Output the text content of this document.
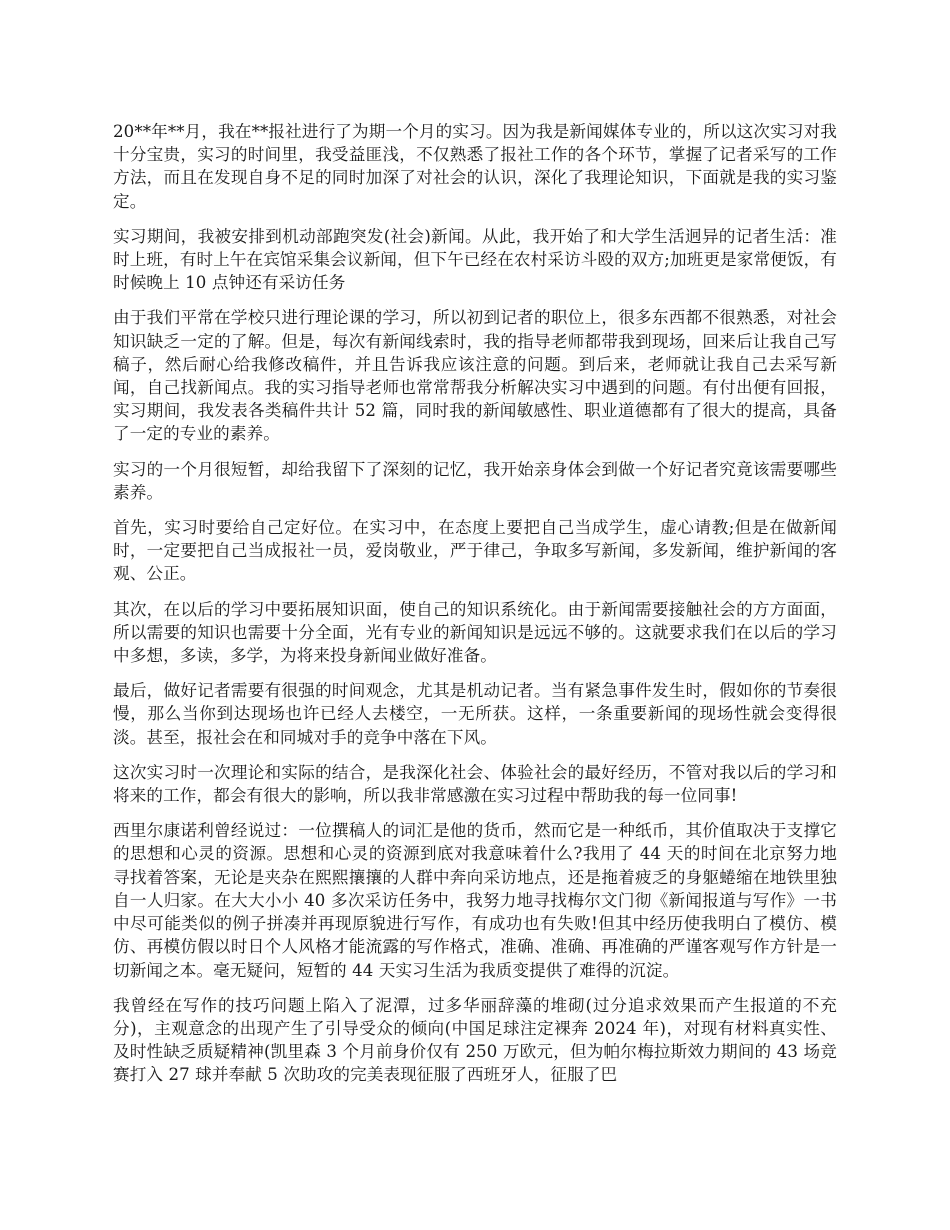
20**年**月，我在**报社进行了为期一个月的实习。因为我是新闻媒体专业的，所以这次实习对我十分宝贵，实习的时间里，我受益匪浅，不仅熟悉了报社工作的各个环节，掌握了记者采写的工作方法，而且在发现自身不足的同时加深了对社会的认识，深化了我理论知识，下面就是我的实习鉴定。

实习期间，我被安排到机动部跑突发(社会)新闻。从此，我开始了和大学生活迥异的记者生活：准时上班，有时上午在宾馆采集会议新闻，但下午已经在农村采访斗殴的双方;加班更是家常便饭，有时候晚上 10 点钟还有采访任务

由于我们平常在学校只进行理论课的学习，所以初到记者的职位上，很多东西都不很熟悉，对社会知识缺乏一定的了解。但是，每次有新闻线索时，我的指导老师都带我到现场，回来后让我自己写稿子，然后耐心给我修改稿件，并且告诉我应该注意的问题。到后来，老师就让我自己去采写新闻，自己找新闻点。我的实习指导老师也常常帮我分析解决实习中遇到的问题。有付出便有回报，实习期间，我发表各类稿件共计 52 篇，同时我的新闻敏感性、职业道德都有了很大的提高，具备了一定的专业的素养。

实习的一个月很短暂，却给我留下了深刻的记忆，我开始亲身体会到做一个好记者究竟该需要哪些素养。

首先，实习时要给自己定好位。在实习中，在态度上要把自己当成学生，虚心请教;但是在做新闻时，一定要把自己当成报社一员，爱岗敬业，严于律己，争取多写新闻，多发新闻，维护新闻的客观、公正。

其次，在以后的学习中要拓展知识面，使自己的知识系统化。由于新闻需要接触社会的方方面面，所以需要的知识也需要十分全面，光有专业的新闻知识是远远不够的。这就要求我们在以后的学习中多想，多读，多学，为将来投身新闻业做好准备。

最后，做好记者需要有很强的时间观念，尤其是机动记者。当有紧急事件发生时，假如你的节奏很慢，那么当你到达现场也许已经人去楼空，一无所获。这样，一条重要新闻的现场性就会变得很淡。甚至，报社会在和同城对手的竞争中落在下风。

这次实习时一次理论和实际的结合，是我深化社会、体验社会的最好经历，不管对我以后的学习和将来的工作，都会有很大的影响，所以我非常感激在实习过程中帮助我的每一位同事!

西里尔康诺利曾经说过：一位撰稿人的词汇是他的货币，然而它是一种纸币，其价值取决于支撑它的思想和心灵的资源。思想和心灵的资源到底对我意味着什么?我用了 44 天的时间在北京努力地寻找着答案，无论是夹杂在熙熙攘攘的人群中奔向采访地点，还是拖着疲乏的身躯蜷缩在地铁里独自一人归家。在大大小小 40 多次采访任务中，我努力地寻找梅尔文门彻《新闻报道与写作》一书中尽可能类似的例子拼凑并再现原貌进行写作，有成功也有失败!但其中经历使我明白了模仿、模仿、再模仿假以时日个人风格才能流露的写作格式，准确、准确、再准确的严谨客观写作方针是一切新闻之本。毫无疑问，短暂的 44 天实习生活为我质变提供了难得的沉淀。

我曾经在写作的技巧问题上陷入了泥潭，过多华丽辞藻的堆砌(过分追求效果而产生报道的不充分)，主观意念的出现产生了引导受众的倾向(中国足球注定裸奔 2024 年)，对现有材料真实性、及时性缺乏质疑精神(凯里森 3 个月前身价仅有 250 万欧元，但为帕尔梅拉斯效力期间的 43 场竞赛打入 27 球并奉献 5 次助攻的完美表现征服了西班牙人，征服了巴
